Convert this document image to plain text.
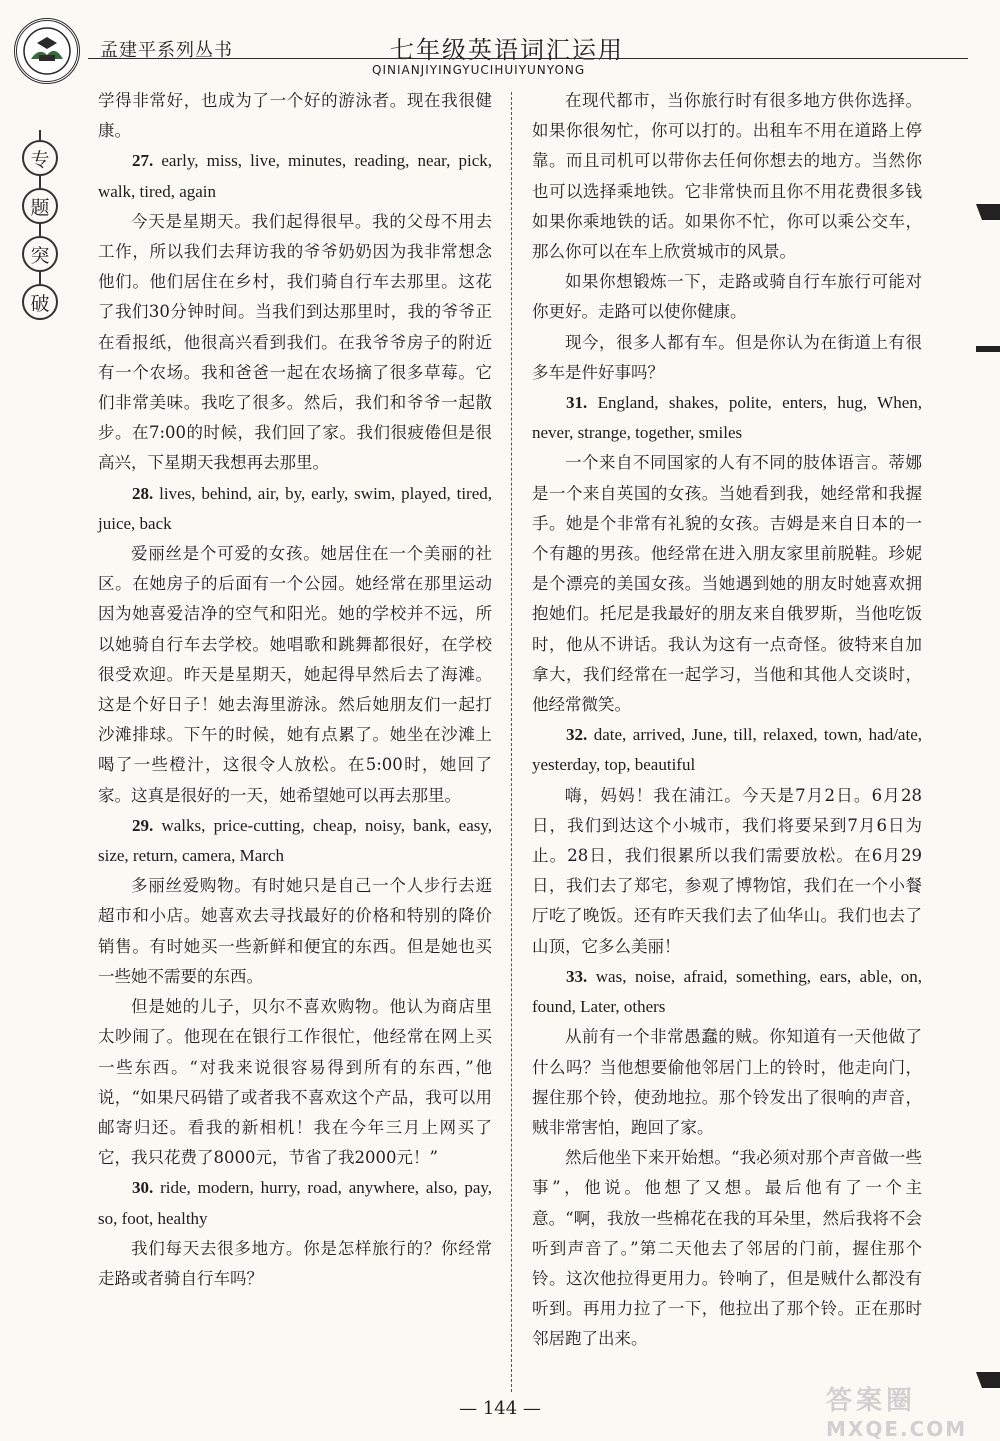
孟建平系列丛书	七年级英语词汇运用
QINIANJIYINGYUCIHUIYUNYONG
专
题
突
破

学得非常好，也成为了一个好的游泳者。现在我很健康。

27. early, miss, live, minutes, reading, near, pick, walk, tired, again

今天是星期天。我们起得很早。我的父母不用去工作，所以我们去拜访我的爷爷奶奶因为我非常想念他们。他们居住在乡村，我们骑自行车去那里。这花了我们30分钟时间。当我们到达那里时，我的爷爷正在看报纸，他很高兴看到我们。在我爷爷房子的附近有一个农场。我和爸爸一起在农场摘了很多草莓。它们非常美味。我吃了很多。然后，我们和爷爷一起散步。在7:00的时候，我们回了家。我们很疲倦但是很高兴，下星期天我想再去那里。

28. lives, behind, air, by, early, swim, played, tired, juice, back

爱丽丝是个可爱的女孩。她居住在一个美丽的社区。在她房子的后面有一个公园。她经常在那里运动因为她喜爱洁净的空气和阳光。她的学校并不远，所以她骑自行车去学校。她唱歌和跳舞都很好，在学校很受欢迎。昨天是星期天，她起得早然后去了海滩。这是个好日子！她去海里游泳。然后她朋友们一起打沙滩排球。下午的时候，她有点累了。她坐在沙滩上喝了一些橙汁，这很令人放松。在5:00时，她回了家。这真是很好的一天，她希望她可以再去那里。

29. walks, price-cutting, cheap, noisy, bank, easy, size, return, camera, March

多丽丝爱购物。有时她只是自己一个人步行去逛超市和小店。她喜欢去寻找最好的价格和特别的降价销售。有时她买一些新鲜和便宜的东西。但是她也买一些她不需要的东西。

但是她的儿子，贝尔不喜欢购物。他认为商店里太吵闹了。他现在在银行工作很忙，他经常在网上买一些东西。“对我来说很容易得到所有的东西，”他说，“如果尺码错了或者我不喜欢这个产品，我可以用邮寄归还。看我的新相机！我在今年三月上网买了它，我只花费了8000元，节省了我2000元！”

30. ride, modern, hurry, road, anywhere, also, pay, so, foot, healthy

我们每天去很多地方。你是怎样旅行的？你经常走路或者骑自行车吗？

在现代都市，当你旅行时有很多地方供你选择。如果你很匆忙，你可以打的。出租车不用在道路上停靠。而且司机可以带你去任何你想去的地方。当然你也可以选择乘地铁。它非常快而且你不用花费很多钱如果你乘地铁的话。如果你不忙，你可以乘公交车，那么你可以在车上欣赏城市的风景。

如果你想锻炼一下，走路或骑自行车旅行可能对你更好。走路可以使你健康。

现今，很多人都有车。但是你认为在街道上有很多车是件好事吗？

31. England, shakes, polite, enters, hug, When, never, strange, together, smiles

一个来自不同国家的人有不同的肢体语言。蒂娜是一个来自英国的女孩。当她看到我，她经常和我握手。她是个非常有礼貌的女孩。吉姆是来自日本的一个有趣的男孩。他经常在进入朋友家里前脱鞋。珍妮是个漂亮的美国女孩。当她遇到她的朋友时她喜欢拥抱她们。托尼是我最好的朋友来自俄罗斯，当他吃饭时，他从不讲话。我认为这有一点奇怪。彼特来自加拿大，我们经常在一起学习，当他和其他人交谈时，他经常微笑。

32. date, arrived, June, till, relaxed, town, had/ate, yesterday, top, beautiful

嗨，妈妈！我在浦江。今天是7月2日。6月28日，我们到达这个小城市，我们将要呆到7月6日为止。28日，我们很累所以我们需要放松。在6月29日，我们去了郑宅，参观了博物馆，我们在一个小餐厅吃了晚饭。还有昨天我们去了仙华山。我们也去了山顶，它多么美丽！

33. was, noise, afraid, something, ears, able, on, found, Later, others

从前有一个非常愚蠢的贼。你知道有一天他做了什么吗？当他想要偷他邻居门上的铃时，他走向门，握住那个铃，使劲地拉。那个铃发出了很响的声音，贼非常害怕，跑回了家。

然后他坐下来开始想。“我必须对那个声音做一些事”，他说。他想了又想。最后他有了一个主意。“啊，我放一些棉花在我的耳朵里，然后我将不会听到声音了。”第二天他去了邻居的门前，握住那个铃。这次他拉得更用力。铃响了，但是贼什么都没有听到。再用力拉了一下，他拉出了那个铃。正在那时邻居跑了出来。

— 144 —	答案圈
MXQE.COM
